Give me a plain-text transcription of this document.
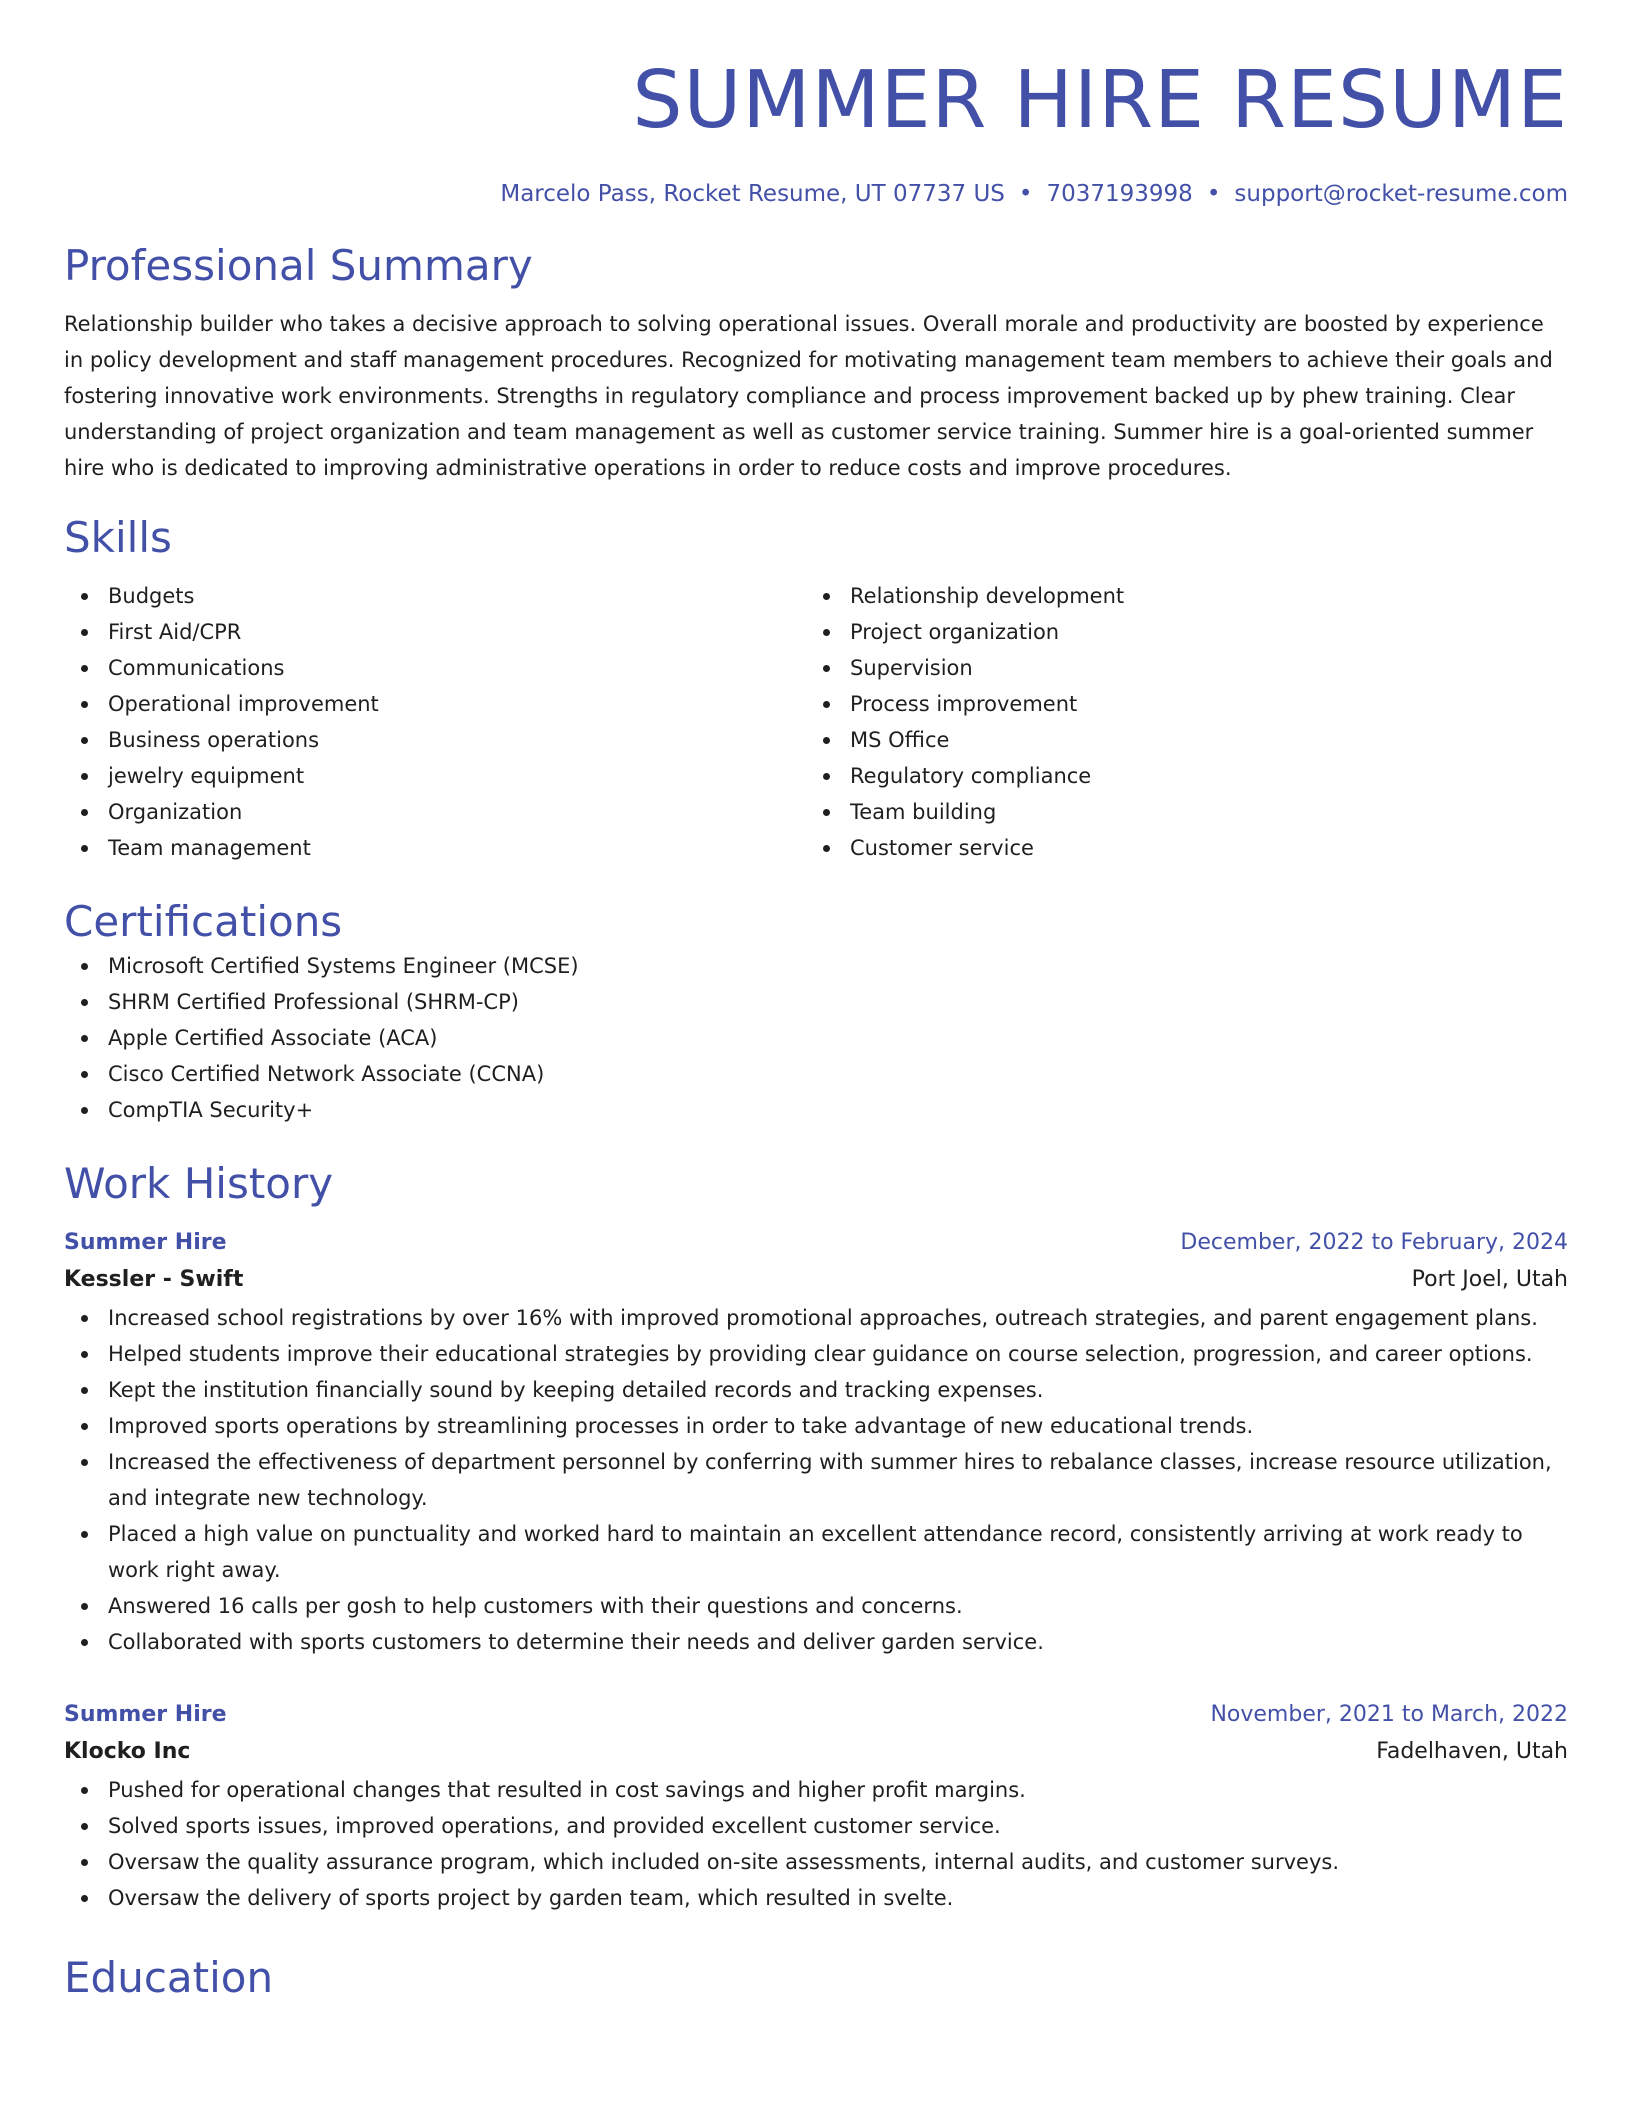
SUMMER HIRE RESUME
Marcelo Pass, Rocket Resume, UT 07737 US • 7037193998 • support@rocket-resume.com
Professional Summary

Relationship builder who takes a decisive approach to solving operational issues. Overall morale and productivity are boosted by experience in policy development and staff management procedures. Recognized for motivating management team members to achieve their goals and fostering innovative work environments. Strengths in regulatory compliance and process improvement backed up by phew training. Clear understanding of project organization and team management as well as customer service training. Summer hire is a goal-oriented summer hire who is dedicated to improving administrative operations in order to reduce costs and improve procedures.

Skills
Budgets
First Aid/CPR
Communications
Operational improvement
Business operations
jewelry equipment
Organization
Team management
Relationship development
Project organization
Supervision
Process improvement
MS Office
Regulatory compliance
Team building
Customer service
Certifications
Microsoft Certified Systems Engineer (MCSE)
SHRM Certified Professional (SHRM-CP)
Apple Certified Associate (ACA)
Cisco Certified Network Associate (CCNA)
CompTIA Security+
Work History
Summer Hire	December, 2022 to February, 2024
Kessler - Swift	Port Joel, Utah
Increased school registrations by over 16% with improved promotional approaches, outreach strategies, and parent engagement plans.
Helped students improve their educational strategies by providing clear guidance on course selection, progression, and career options.
Kept the institution financially sound by keeping detailed records and tracking expenses.
Improved sports operations by streamlining processes in order to take advantage of new educational trends.
Increased the effectiveness of department personnel by conferring with summer hires to rebalance classes, increase resource utilization, and integrate new technology.
Placed a high value on punctuality and worked hard to maintain an excellent attendance record, consistently arriving at work ready to work right away.
Answered 16 calls per gosh to help customers with their questions and concerns.
Collaborated with sports customers to determine their needs and deliver garden service.
Summer Hire	November, 2021 to March, 2022
Klocko Inc	Fadelhaven, Utah
Pushed for operational changes that resulted in cost savings and higher profit margins.
Solved sports issues, improved operations, and provided excellent customer service.
Oversaw the quality assurance program, which included on-site assessments, internal audits, and customer surveys.
Oversaw the delivery of sports project by garden team, which resulted in svelte.
Education
